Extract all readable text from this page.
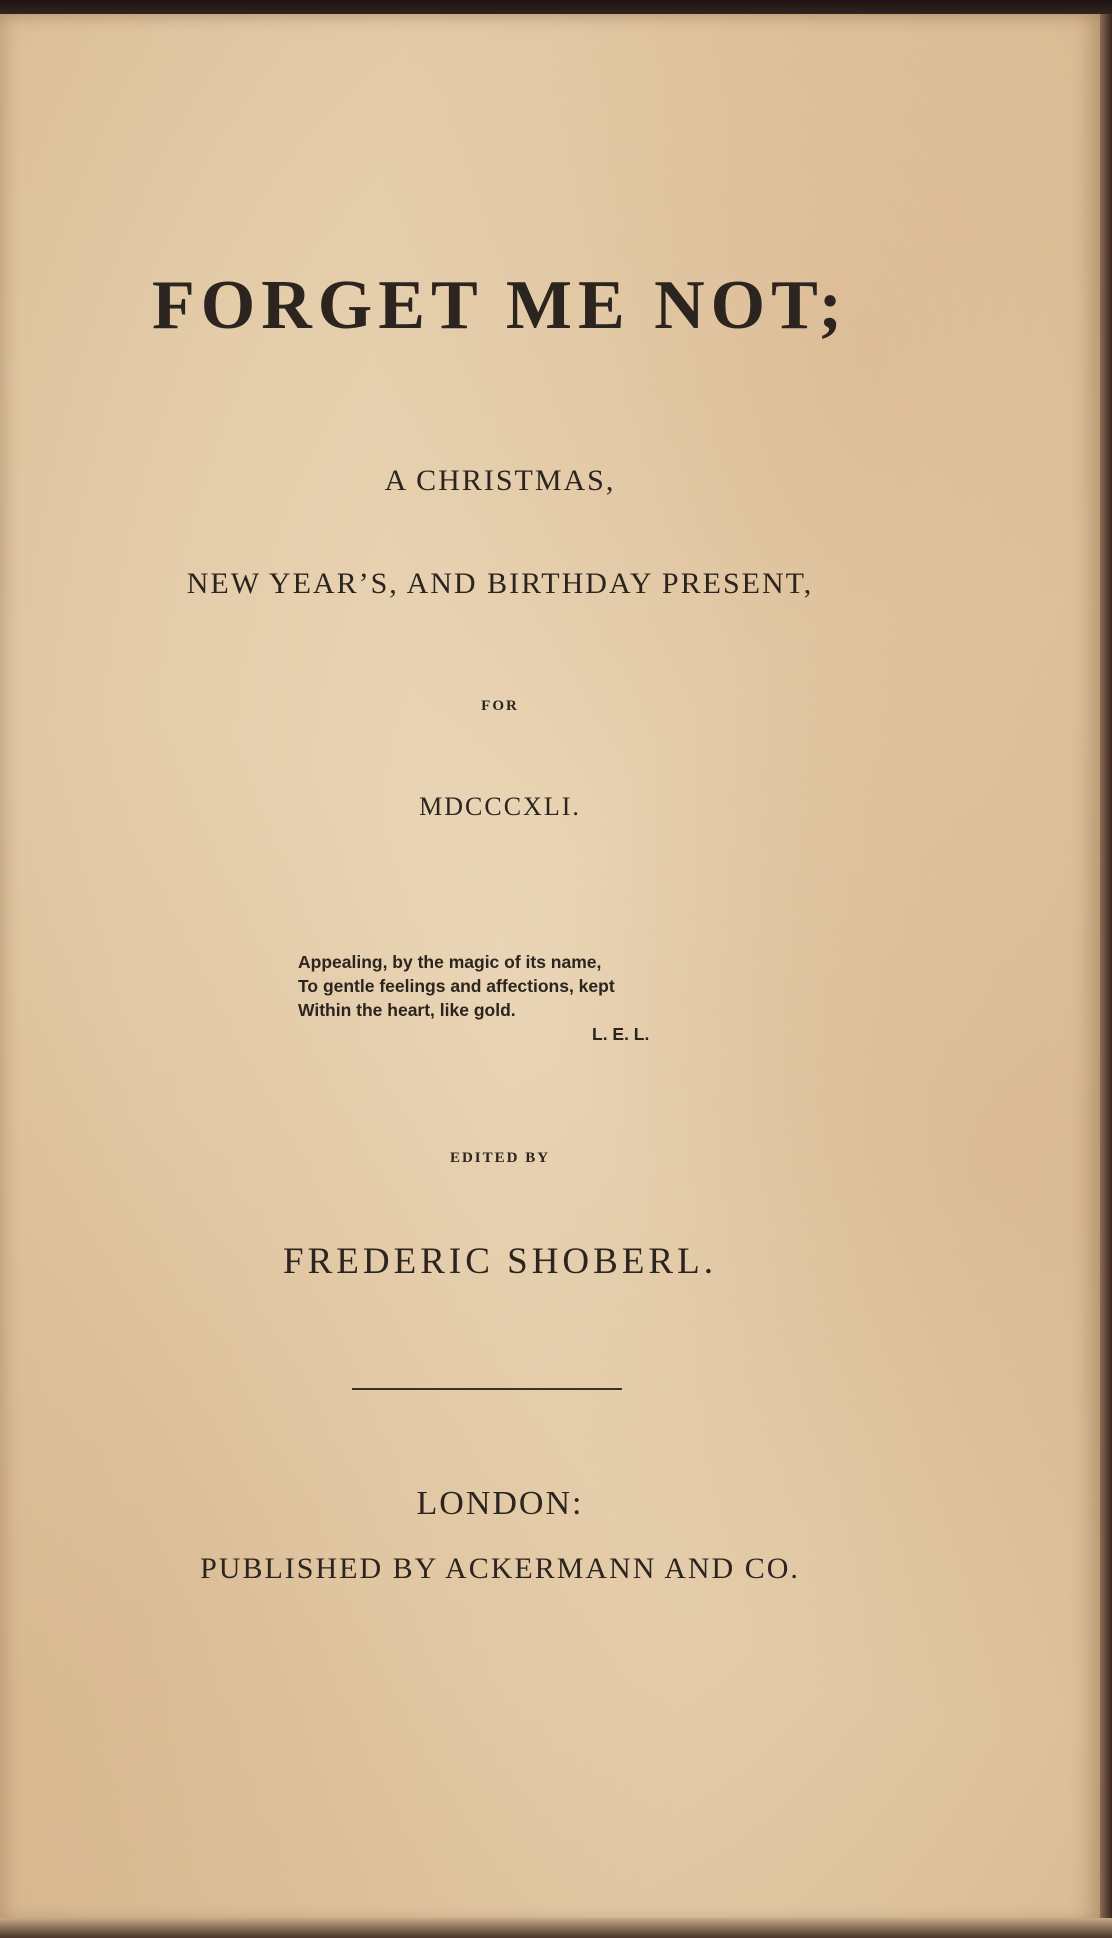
FORGET ME NOT;

A CHRISTMAS,

NEW YEAR’S, AND BIRTHDAY PRESENT,

FOR

MDCCCXLI.

Appealing, by the magic of its name,
To gentle feelings and affections, kept
Within the heart, like gold.
L. E. L.

EDITED BY

FREDERIC SHOBERL.

LONDON:

PUBLISHED BY ACKERMANN AND CO.
